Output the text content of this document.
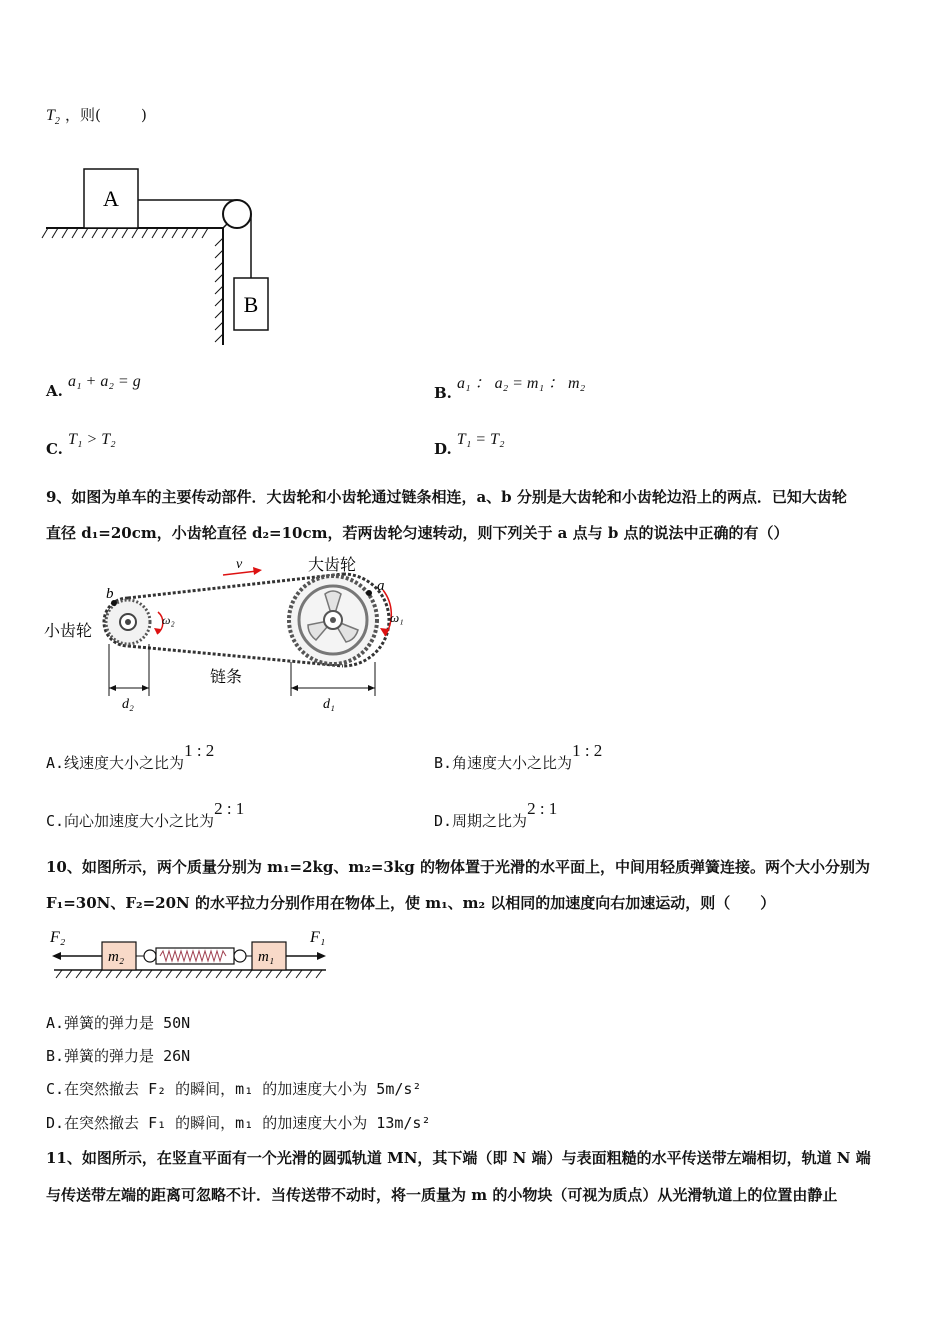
$T_2$ ，则(	)
A
B
A. a₁ + a₂ = g
B. a₁ ： a₂ = m₁ ： m₂
C. T₁ > T₂
D. T₁ = T₂
9、如图为单车的主要传动部件．大齿轮和小齿轮通过链条相连，a、b 分别是大齿轮和小齿轮边沿上的两点．已知大齿轮
直径 d₁=20cm，小齿轮直径 d₂=10cm，若两齿轮匀速转动，则下列关于 a 点与 b 点的说法中正确的有（）
v	大齿轮
a
b
ω₁
ω₂
小齿轮
链条
d₂	d₁
A.线速度大小之比为1 : 2
B.角速度大小之比为1 : 2
C.向心加速度大小之比为2 : 1
D.周期之比为2 : 1
10、如图所示，两个质量分别为 m₁=2kg、m₂=3kg 的物体置于光滑的水平面上，中间用轻质弹簧连接。两个大小分别为
F₁=30N、F₂=20N 的水平拉力分别作用在物体上，使 m₁、m₂ 以相同的加速度向右加速运动，则（　　）
F₂
m₂	m₁
F₁
A.弹簧的弹力是 50N
B.弹簧的弹力是 26N
C.在突然撤去 F₂ 的瞬间，m₁ 的加速度大小为 5m/s²
D.在突然撤去 F₁ 的瞬间，m₁ 的加速度大小为 13m/s²
11、如图所示，在竖直平面有一个光滑的圆弧轨道 MN，其下端（即 N 端）与表面粗糙的水平传送带左端相切，轨道 N 端
与传送带左端的距离可忽略不计．当传送带不动时，将一质量为 m 的小物块（可视为质点）从光滑轨道上的位置由静止
